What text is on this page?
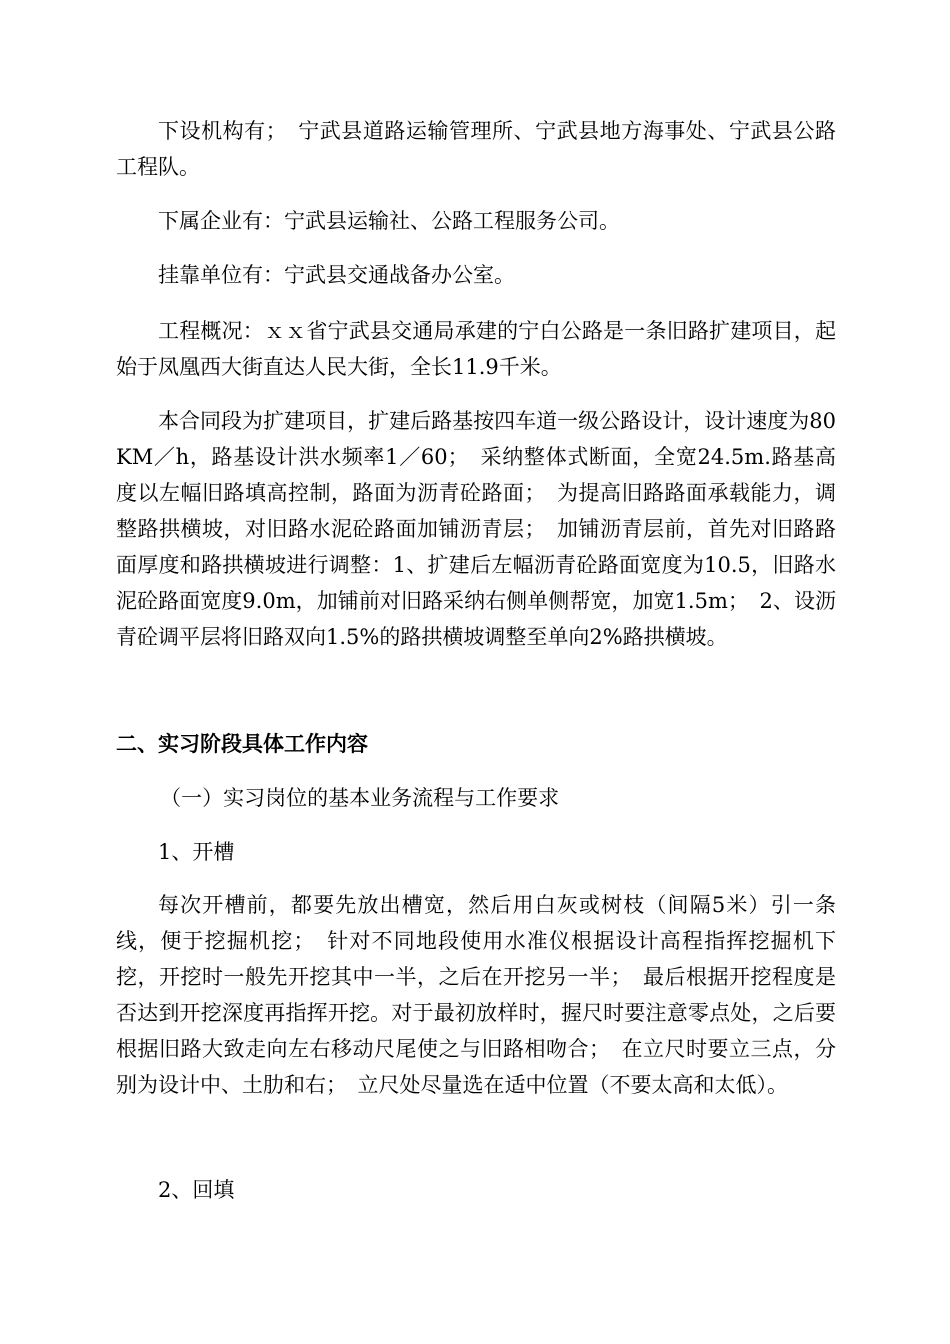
下设机构有；　宁武县道路运输管理所、宁武县地方海事处、宁武县公路工程队。

下属企业有：宁武县运输社、公路工程服务公司。

挂靠单位有：宁武县交通战备办公室。

工程概况：ｘｘ省宁武县交通局承建的宁白公路是一条旧路扩建项目，起始于凤凰西大街直达人民大街，全长11.9千米。

本合同段为扩建项目，扩建后路基按四车道一级公路设计，设计速度为80KM／h，路基设计洪水频率1／60；　采纳整体式断面，全宽24.5m.路基高度以左幅旧路填高控制，路面为沥青砼路面；　为提高旧路路面承载能力，调整路拱横坡，对旧路水泥砼路面加铺沥青层；　加铺沥青层前，首先对旧路路面厚度和路拱横坡进行调整：1、扩建后左幅沥青砼路面宽度为10.5，旧路水泥砼路面宽度9.0m，加铺前对旧路采纳右侧单侧帮宽，加宽1.5m；　2、设沥青砼调平层将旧路双向1.5%的路拱横坡调整至单向2%路拱横坡。

二、实习阶段具体工作内容

（一）实习岗位的基本业务流程与工作要求

1、开槽

每次开槽前，都要先放出槽宽，然后用白灰或树枝（间隔5米）引一条线，便于挖掘机挖；　针对不同地段使用水准仪根据设计高程指挥挖掘机下挖，开挖时一般先开挖其中一半，之后在开挖另一半；　最后根据开挖程度是否达到开挖深度再指挥开挖。对于最初放样时，握尺时要注意零点处，之后要根据旧路大致走向左右移动尺尾使之与旧路相吻合；　在立尺时要立三点，分别为设计中、土肋和右；　立尺处尽量选在适中位置（不要太高和太低）。

2、回填
